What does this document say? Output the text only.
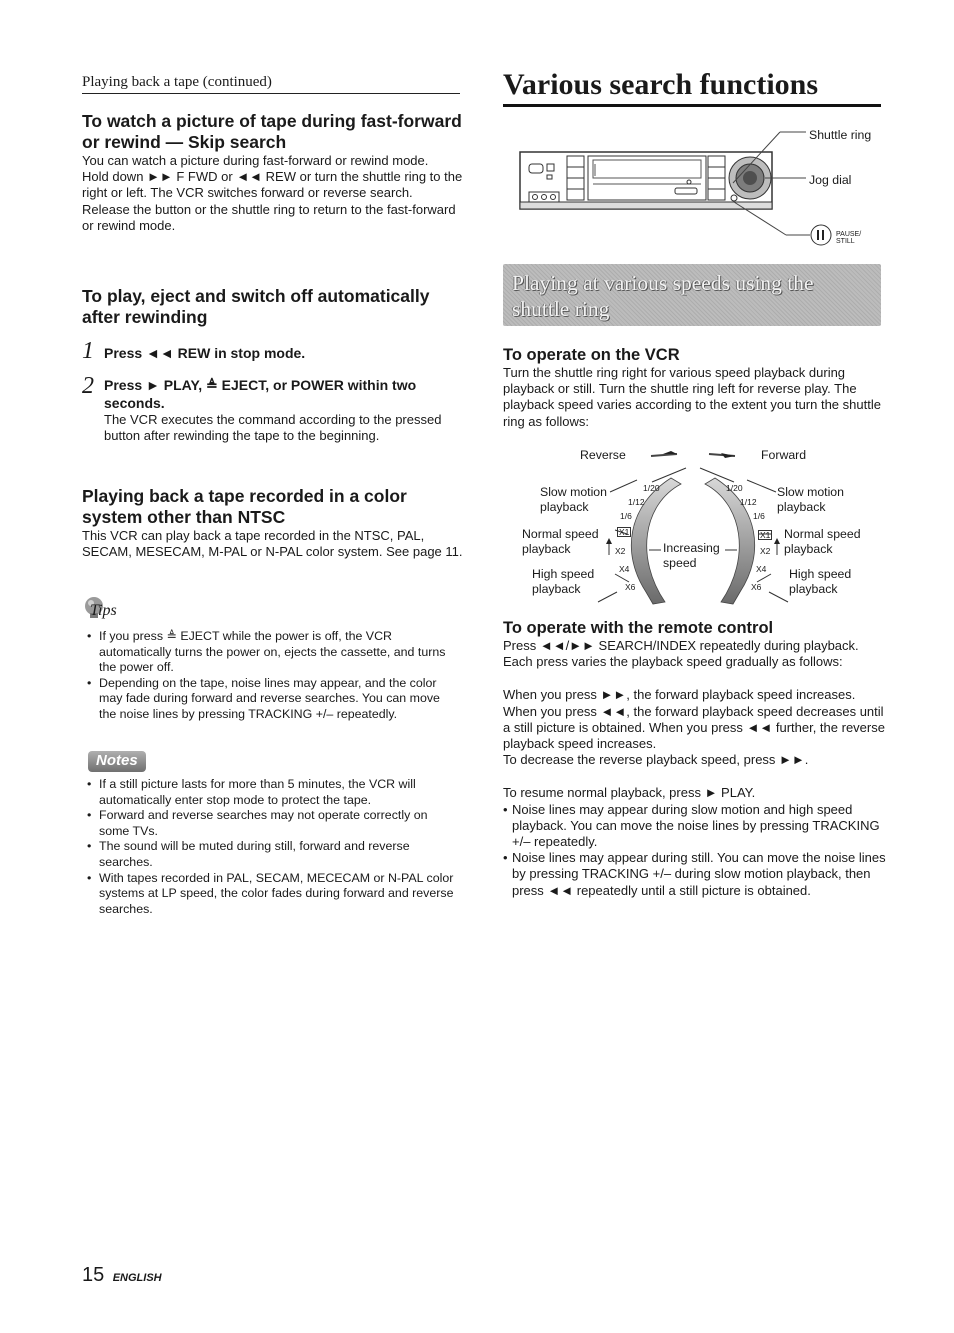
Playing back a tape (continued)
To watch a picture of tape during fast-forward or rewind — Skip search

You can watch a picture during fast-forward or rewind mode.

Hold down ►► F FWD or ◄◄ REW or turn the shuttle ring to the right or left. The VCR switches forward or reverse search.

Release the button or the shuttle ring to return to the fast-forward or rewind mode.

To play, eject and switch off automatically after rewinding

1 Press ◄◄ REW in stop mode.

2 Press ► PLAY, ≜ EJECT, or POWER within two seconds.

The VCR executes the command according to the pressed button after rewinding the tape to the beginning.

Playing back a tape recorded in a color system other than NTSC

This VCR can play back a tape recorded in the NTSC, PAL, SECAM, MESECAM, M-PAL or N-PAL color system. See page 11.

Tips
• If you press ≜ EJECT while the power is off, the VCR automatically turns the power on, ejects the cassette, and turns the power off.
• Depending on the tape, noise lines may appear, and the color may fade during forward and reverse searches. You can move the noise lines by pressing TRACKING +/– repeatedly.
Notes
• If a still picture lasts for more than 5 minutes, the VCR will automatically enter stop mode to protect the tape.
• Forward and reverse searches may not operate correctly on some TVs.
• The sound will be muted during still, forward and reverse searches.
• With tapes recorded in PAL, SECAM, MECECAM or N-PAL color systems at LP speed, the color fades during forward and reverse searches.
Various search functions
Shuttle ring
Jog dial
PAUSE/ STILL
Playing at various speeds using the shuttle ring
To operate on the VCR

Turn the shuttle ring right for various speed playback during playback or still. Turn the shuttle ring left for reverse play. The playback speed varies according to the extent you turn the shuttle ring as follows:

Reverse	Forward
Slow motion playback
Normal speed playback
High speed playback
Increasing speed
Slow motion playback
Normal speed playback
High speed playback
1/20
1/12
1/6
X1
X2
X4
X6
1/20
1/12
1/6
X1
X2
X4
X6
To operate with the remote control

Press ◄◄/►► SEARCH/INDEX repeatedly during playback. Each press varies the playback speed gradually as follows:

When you press ►►, the forward playback speed increases. When you press ◄◄, the forward playback speed decreases until a still picture is obtained. When you press ◄◄ further, the reverse playback speed increases.

To decrease the reverse playback speed, press ►►.

To resume normal playback, press ► PLAY.

• Noise lines may appear during slow motion and high speed playback. You can move the noise lines by pressing TRACKING +/– repeatedly.
• Noise lines may appear during still. You can move the noise lines by pressing TRACKING +/– during slow motion playback, then press ◄◄ repeatedly until a still picture is obtained.
15 ENGLISH
